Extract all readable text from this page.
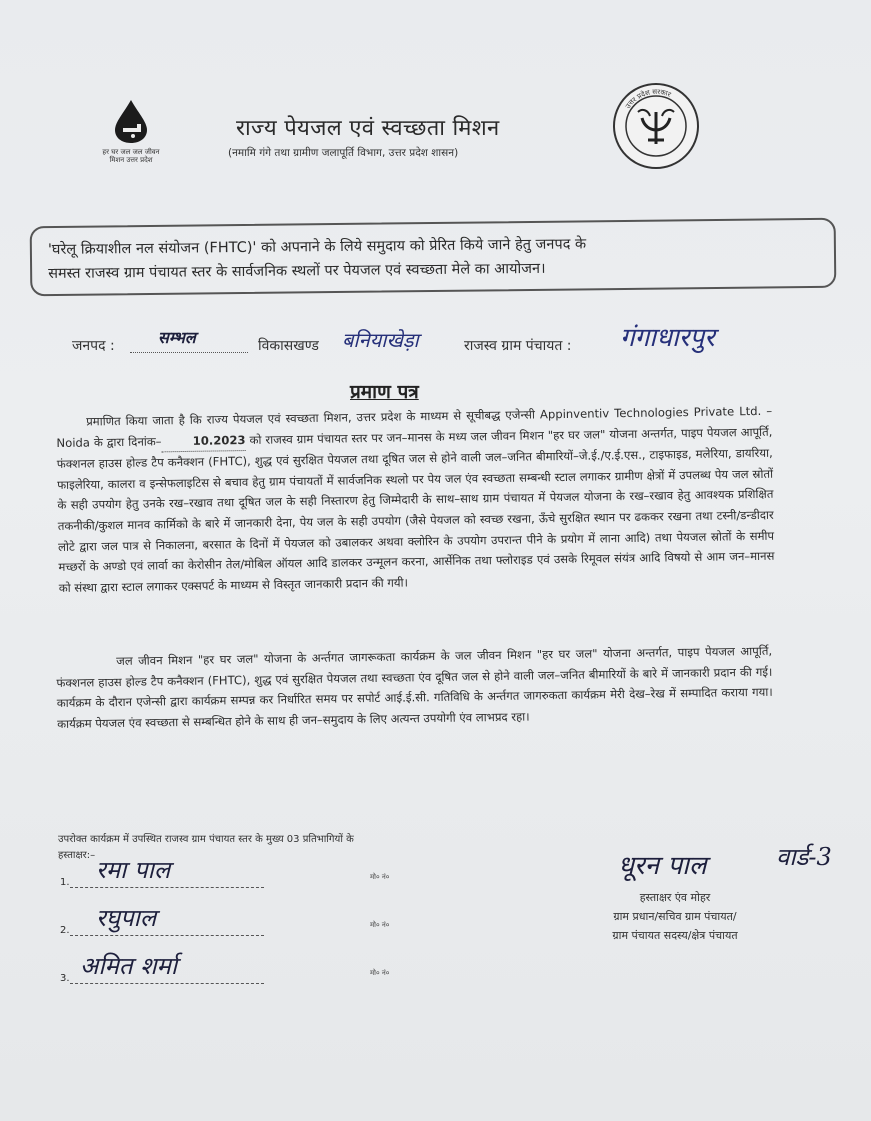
हर घर जल जल जीवन मिशन उत्तर प्रदेश
राज्य पेयजल एवं स्वच्छता मिशन
(नमामि गंगे तथा ग्रामीण जलापूर्ति विभाग, उत्तर प्रदेश शासन)
उत्तर प्रदेश सरकार
'घरेलू क्रियाशील नल संयोजन (FHTC)' को अपनाने के लिये समुदाय को प्रेरित किये जाने हेतु जनपद के
समस्त राजस्व ग्राम पंचायत स्तर के सार्वजनिक स्थलों पर पेयजल एवं स्वच्छता मेले का आयोजन।
जनपद :	सम्भल	विकासखण्ड बनियाखेड़ा	राजस्व ग्राम पंचायत : गंगाधारपुर
प्रमाण पत्र
प्रमाणित किया जाता है कि राज्य पेयजल एवं स्वच्छता मिशन, उत्तर प्रदेश के माध्यम से सूचीबद्ध एजेन्सी Appinventiv Technologies Private Ltd. – Noida के द्वारा दिनांक–	10.2023 को राजस्व ग्राम पंचायत स्तर पर जन–मानस के मध्य जल जीवन मिशन "हर घर जल" योजना अन्तर्गत, पाइप पेयजल आपूर्ति, फंक्शनल हाउस होल्ड टैप कनैक्शन (FHTC), शुद्ध एवं सुरक्षित पेयजल तथा दूषित जल से होने वाली जल–जनित बीमारियों–जे.ई./ए.ई.एस., टाइफाइड, मलेरिया, डायरिया, फाइलेरिया, कालरा व इन्सेफलाइटिस से बचाव हेतु ग्राम पंचायतों में सार्वजनिक स्थलो पर पेय जल एंव स्वच्छता सम्बन्धी स्टाल लगाकर ग्रामीण क्षेत्रों में उपलब्ध पेय जल स्रोतों के सही उपयोग हेतु उनके रख–रखाव तथा दूषित जल के सही निस्तारण हेतु जिम्मेदारी के साथ–साथ ग्राम पंचायत में पेयजल योजना के रख–रखाव हेतु आवश्यक प्रशिक्षित तकनीकी/कुशल मानव कार्मिको के बारे में जानकारी देना, पेय जल के सही उपयोग (जैसे पेयजल को स्वच्छ रखना, ऊँचे सुरक्षित स्थान पर ढककर रखना तथा टस्नी/डन्डीदार लोटे द्वारा जल पात्र से निकालना, बरसात के दिनों में पेयजल को उबालकर अथवा क्लोरिन के उपयोग उपरान्त पीने के प्रयोग में लाना आदि) तथा पेयजल स्रोतों के समीप मच्छरों के अण्डो एवं लार्वा का केरोसीन तेल/मोबिल ऑयल आदि डालकर उन्मूलन करना, आर्सेनिक तथा फ्लोराइड एवं उसके रिमूवल संयंत्र आदि विषयो से आम जन–मानस को संस्था द्वारा स्टाल लगाकर एक्सपर्ट के माध्यम से विस्तृत जानकारी प्रदान की गयी।
जल जीवन मिशन "हर घर जल" योजना के अर्न्तगत जागरूकता कार्यक्रम के जल जीवन मिशन "हर घर जल" योजना अन्तर्गत, पाइप पेयजल आपूर्ति, फंक्शनल हाउस होल्ड टैप कनैक्शन (FHTC), शुद्ध एवं सुरक्षित पेयजल तथा स्वच्छता एंव दूषित जल से होने वाली जल–जनित बीमारियों के बारे में जानकारी प्रदान की गई। कार्यक्रम के दौरान एजेन्सी द्वारा कार्यक्रम सम्पन्न कर निर्धारित समय पर सपोर्ट आई.ई.सी. गतिविधि के अर्न्तगत जागरुकता कार्यक्रम मेरी देख–रेख में सम्पादित कराया गया। कार्यक्रम पेयजल एंव स्वच्छता से सम्बन्धित होने के साथ ही जन–समुदाय के लिए अत्यन्त उपयोगी एंव लाभप्रद रहा।
उपरोक्त कार्यक्रम में उपस्थित राजस्व ग्राम पंचायत स्तर के मुख्य 03 प्रतिभागियों के
हस्ताक्षर:–
1. रमा पाल	मो० नं०
2. रघुपाल	मो० नं०
3. अमित शर्मा	मो० नं०
धूरन पाल	वार्ड-3
हस्ताक्षर एंव मोहर
ग्राम प्रधान/सचिव ग्राम पंचायत/
ग्राम पंचायत सदस्य/क्षेत्र पंचायत
